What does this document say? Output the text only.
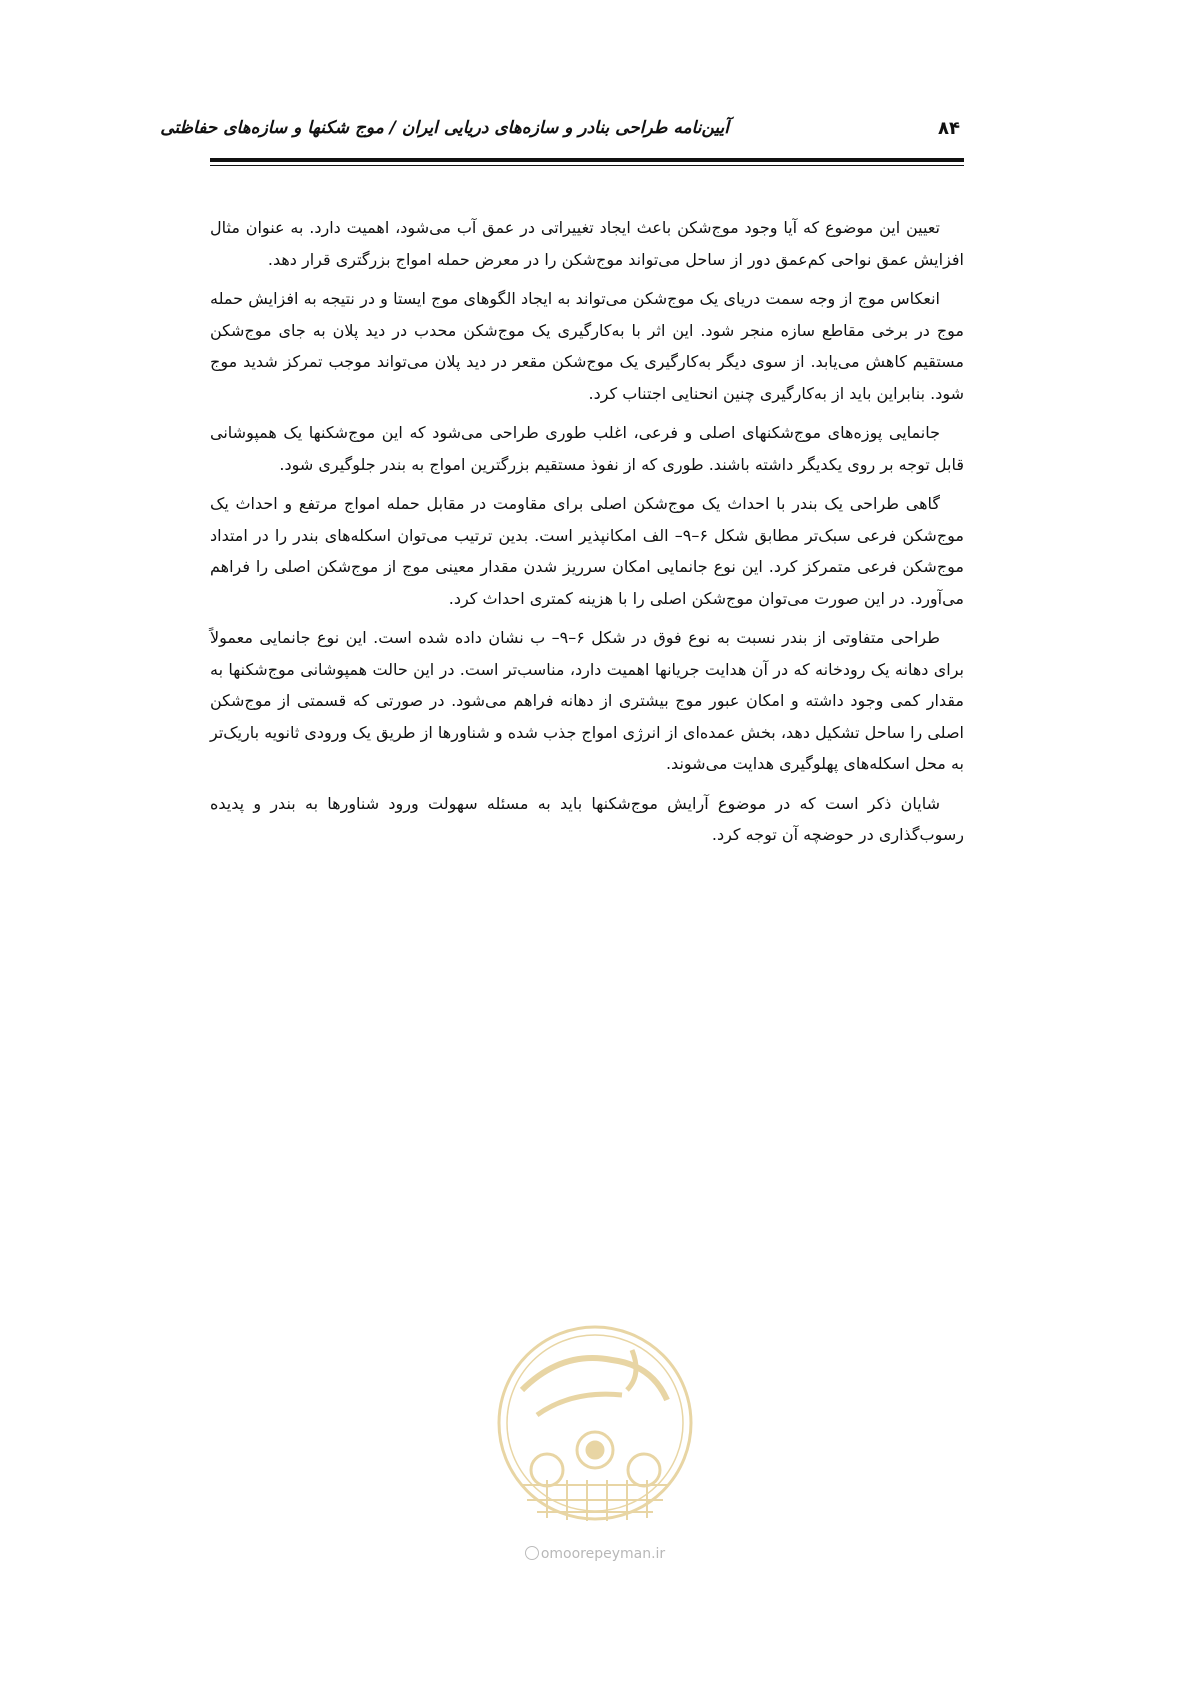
آیین‌نامه طراحی بنادر و سازه‌های دریایی ایران / موج شکنها و سازه‌های حفاظتی	۸۴

تعیین این موضوع که آیا وجود موج‌شکن باعث ایجاد تغییراتی در عمق آب می‌شود، اهمیت دارد. به عنوان مثال افزایش عمق نواحی کم‌عمق دور از ساحل می‌تواند موج‌شکن را در معرض حمله امواج بزرگتری قرار دهد.

انعکاس موج از وجه سمت دریای یک موج‌شکن می‌تواند به ایجاد الگوهای موج ایستا و در نتیجه به افزایش حمله موج در برخی مقاطع سازه منجر شود. این اثر با به‌کارگیری یک موج‌شکن محدب در دید پلان به جای موج‌شکن مستقیم کاهش می‌یابد. از سوی دیگر به‌کارگیری یک موج‌شکن مقعر در دید پلان می‌تواند موجب تمرکز شدید موج شود. بنابراین باید از به‌کارگیری چنین انحنایی اجتناب کرد.

جانمایی پوزه‌های موج‌شکنهای اصلی و فرعی، اغلب طوری طراحی می‌شود که این موج‌شکنها یک همپوشانی قابل توجه بر روی یکدیگر داشته باشند. طوری که از نفوذ مستقیم بزرگترین امواج به بندر جلوگیری شود.

گاهی طراحی یک بندر با احداث یک موج‌شکن اصلی برای مقاومت در مقابل حمله امواج مرتفع و احداث یک موج‌شکن فرعی سبک‌تر مطابق شکل ۶–۹– الف امکانپذیر است. بدین ترتیب می‌توان اسکله‌های بندر را در امتداد موج‌شکن فرعی متمرکز کرد. این نوع جانمایی امکان سرریز شدن مقدار معینی موج از موج‌شکن اصلی را فراهم می‌آورد. در این صورت می‌توان موج‌شکن اصلی را با هزینه کمتری احداث کرد.

طراحی متفاوتی از بندر نسبت به نوع فوق در شکل ۶–۹– ب نشان داده شده است. این نوع جانمایی معمولاً برای دهانه یک رودخانه که در آن هدایت جریانها اهمیت دارد، مناسب‌تر است. در این حالت همپوشانی موج‌شکنها به مقدار کمی وجود داشته و امکان عبور موج بیشتری از دهانه فراهم می‌شود. در صورتی که قسمتی از موج‌شکن اصلی را ساحل تشکیل دهد، بخش عمده‌ای از انرژی امواج جذب شده و شناورها از طریق یک ورودی ثانویه باریک‌تر به محل اسکله‌های پهلوگیری هدایت می‌شوند.

شایان ذکر است که در موضوع آرایش موج‌شکنها باید به مسئله سهولت ورود شناورها به بندر و پدیده رسوب‌گذاری در حوضچه آن توجه کرد.

omoorepeyman.ir
